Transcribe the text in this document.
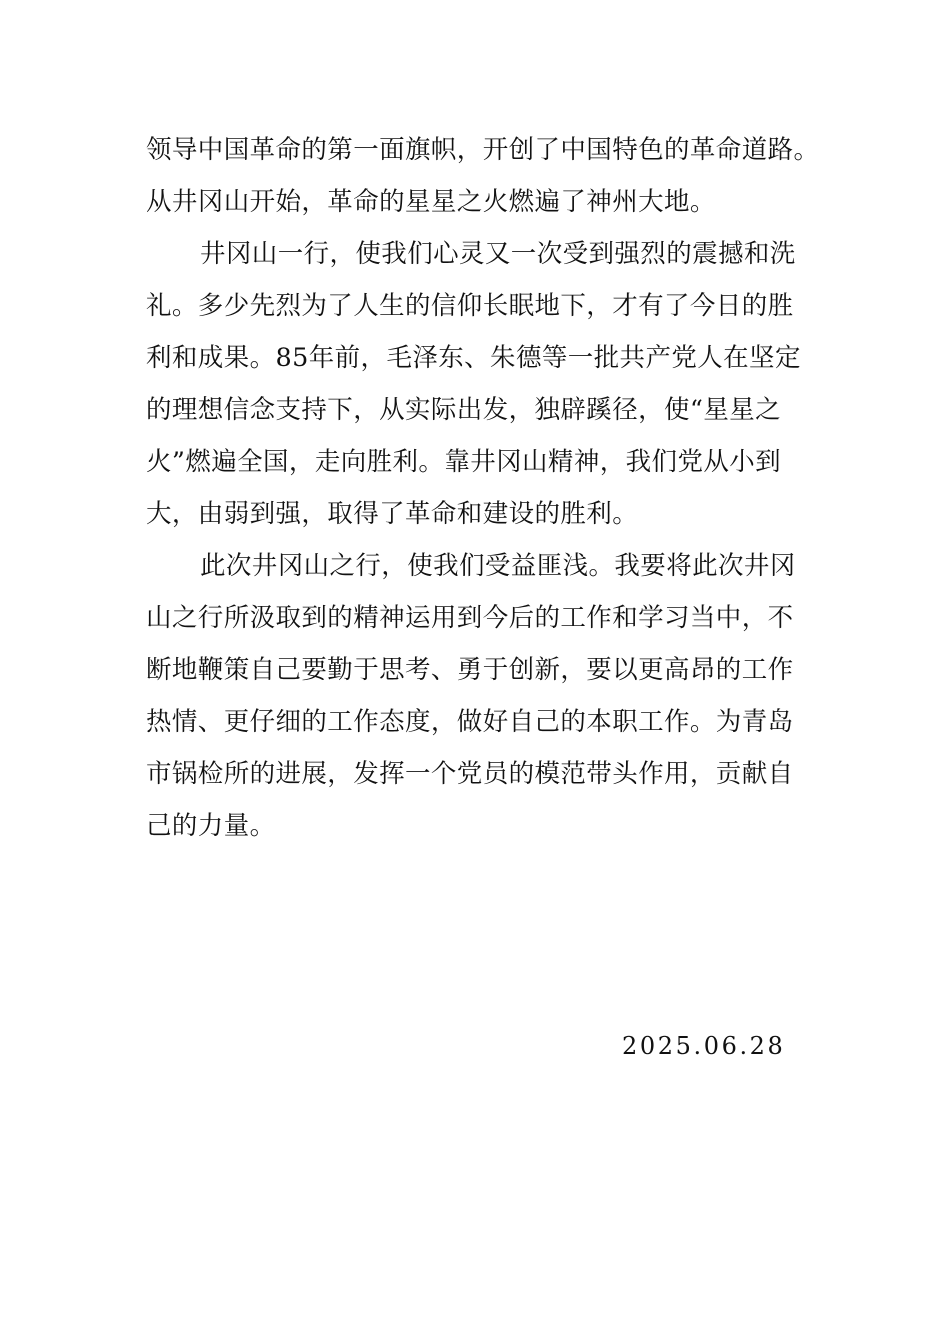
领导中国革命的第一面旗帜，开创了中国特色的革命道路。
从井冈山开始，革命的星星之火燃遍了神州大地。
井冈山一行，使我们心灵又一次受到强烈的震撼和洗
礼。多少先烈为了人生的信仰长眠地下，才有了今日的胜
利和成果。85年前，毛泽东、朱德等一批共产党人在坚定
的理想信念支持下，从实际出发，独辟蹊径，使“星星之
火”燃遍全国，走向胜利。靠井冈山精神，我们党从小到
大，由弱到强，取得了革命和建设的胜利。
此次井冈山之行，使我们受益匪浅。我要将此次井冈
山之行所汲取到的精神运用到今后的工作和学习当中，不
断地鞭策自己要勤于思考、勇于创新，要以更高昂的工作
热情、更仔细的工作态度，做好自己的本职工作。为青岛
市锅检所的进展，发挥一个党员的模范带头作用，贡献自
己的力量。
2025.06.28
